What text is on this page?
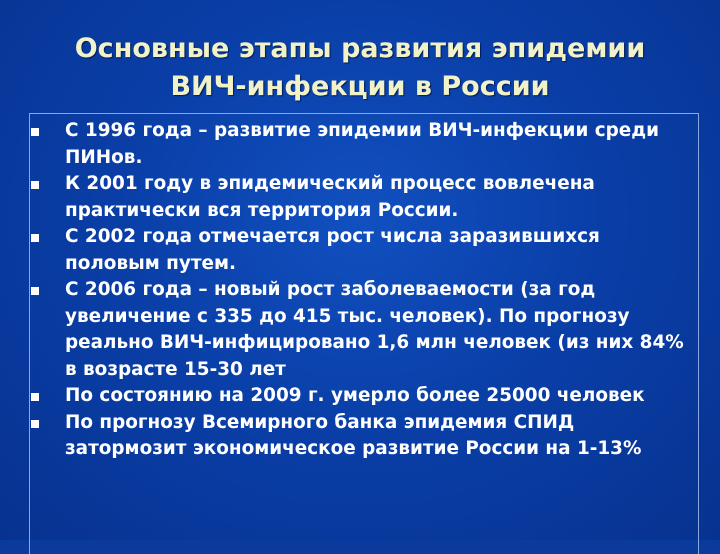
Основные этапы развития эпидемии
ВИЧ-инфекции в России
С 1996 года – развитие эпидемии ВИЧ-инфекции среди ПИНов.
К 2001 году в эпидемический процесс вовлечена практически вся территория России.
С 2002 года отмечается рост числа заразившихся половым путем.
С 2006 года – новый рост заболеваемости (за год увеличение с 335 до 415 тыс. человек). По прогнозу реально ВИЧ-инфицировано 1,6 млн человек (из них 84% в возрасте 15-30 лет
По состоянию на 2009 г. умерло более 25000 человек
По прогнозу Всемирного банка эпидемия СПИД затормозит экономическое развитие России на 1-13%
